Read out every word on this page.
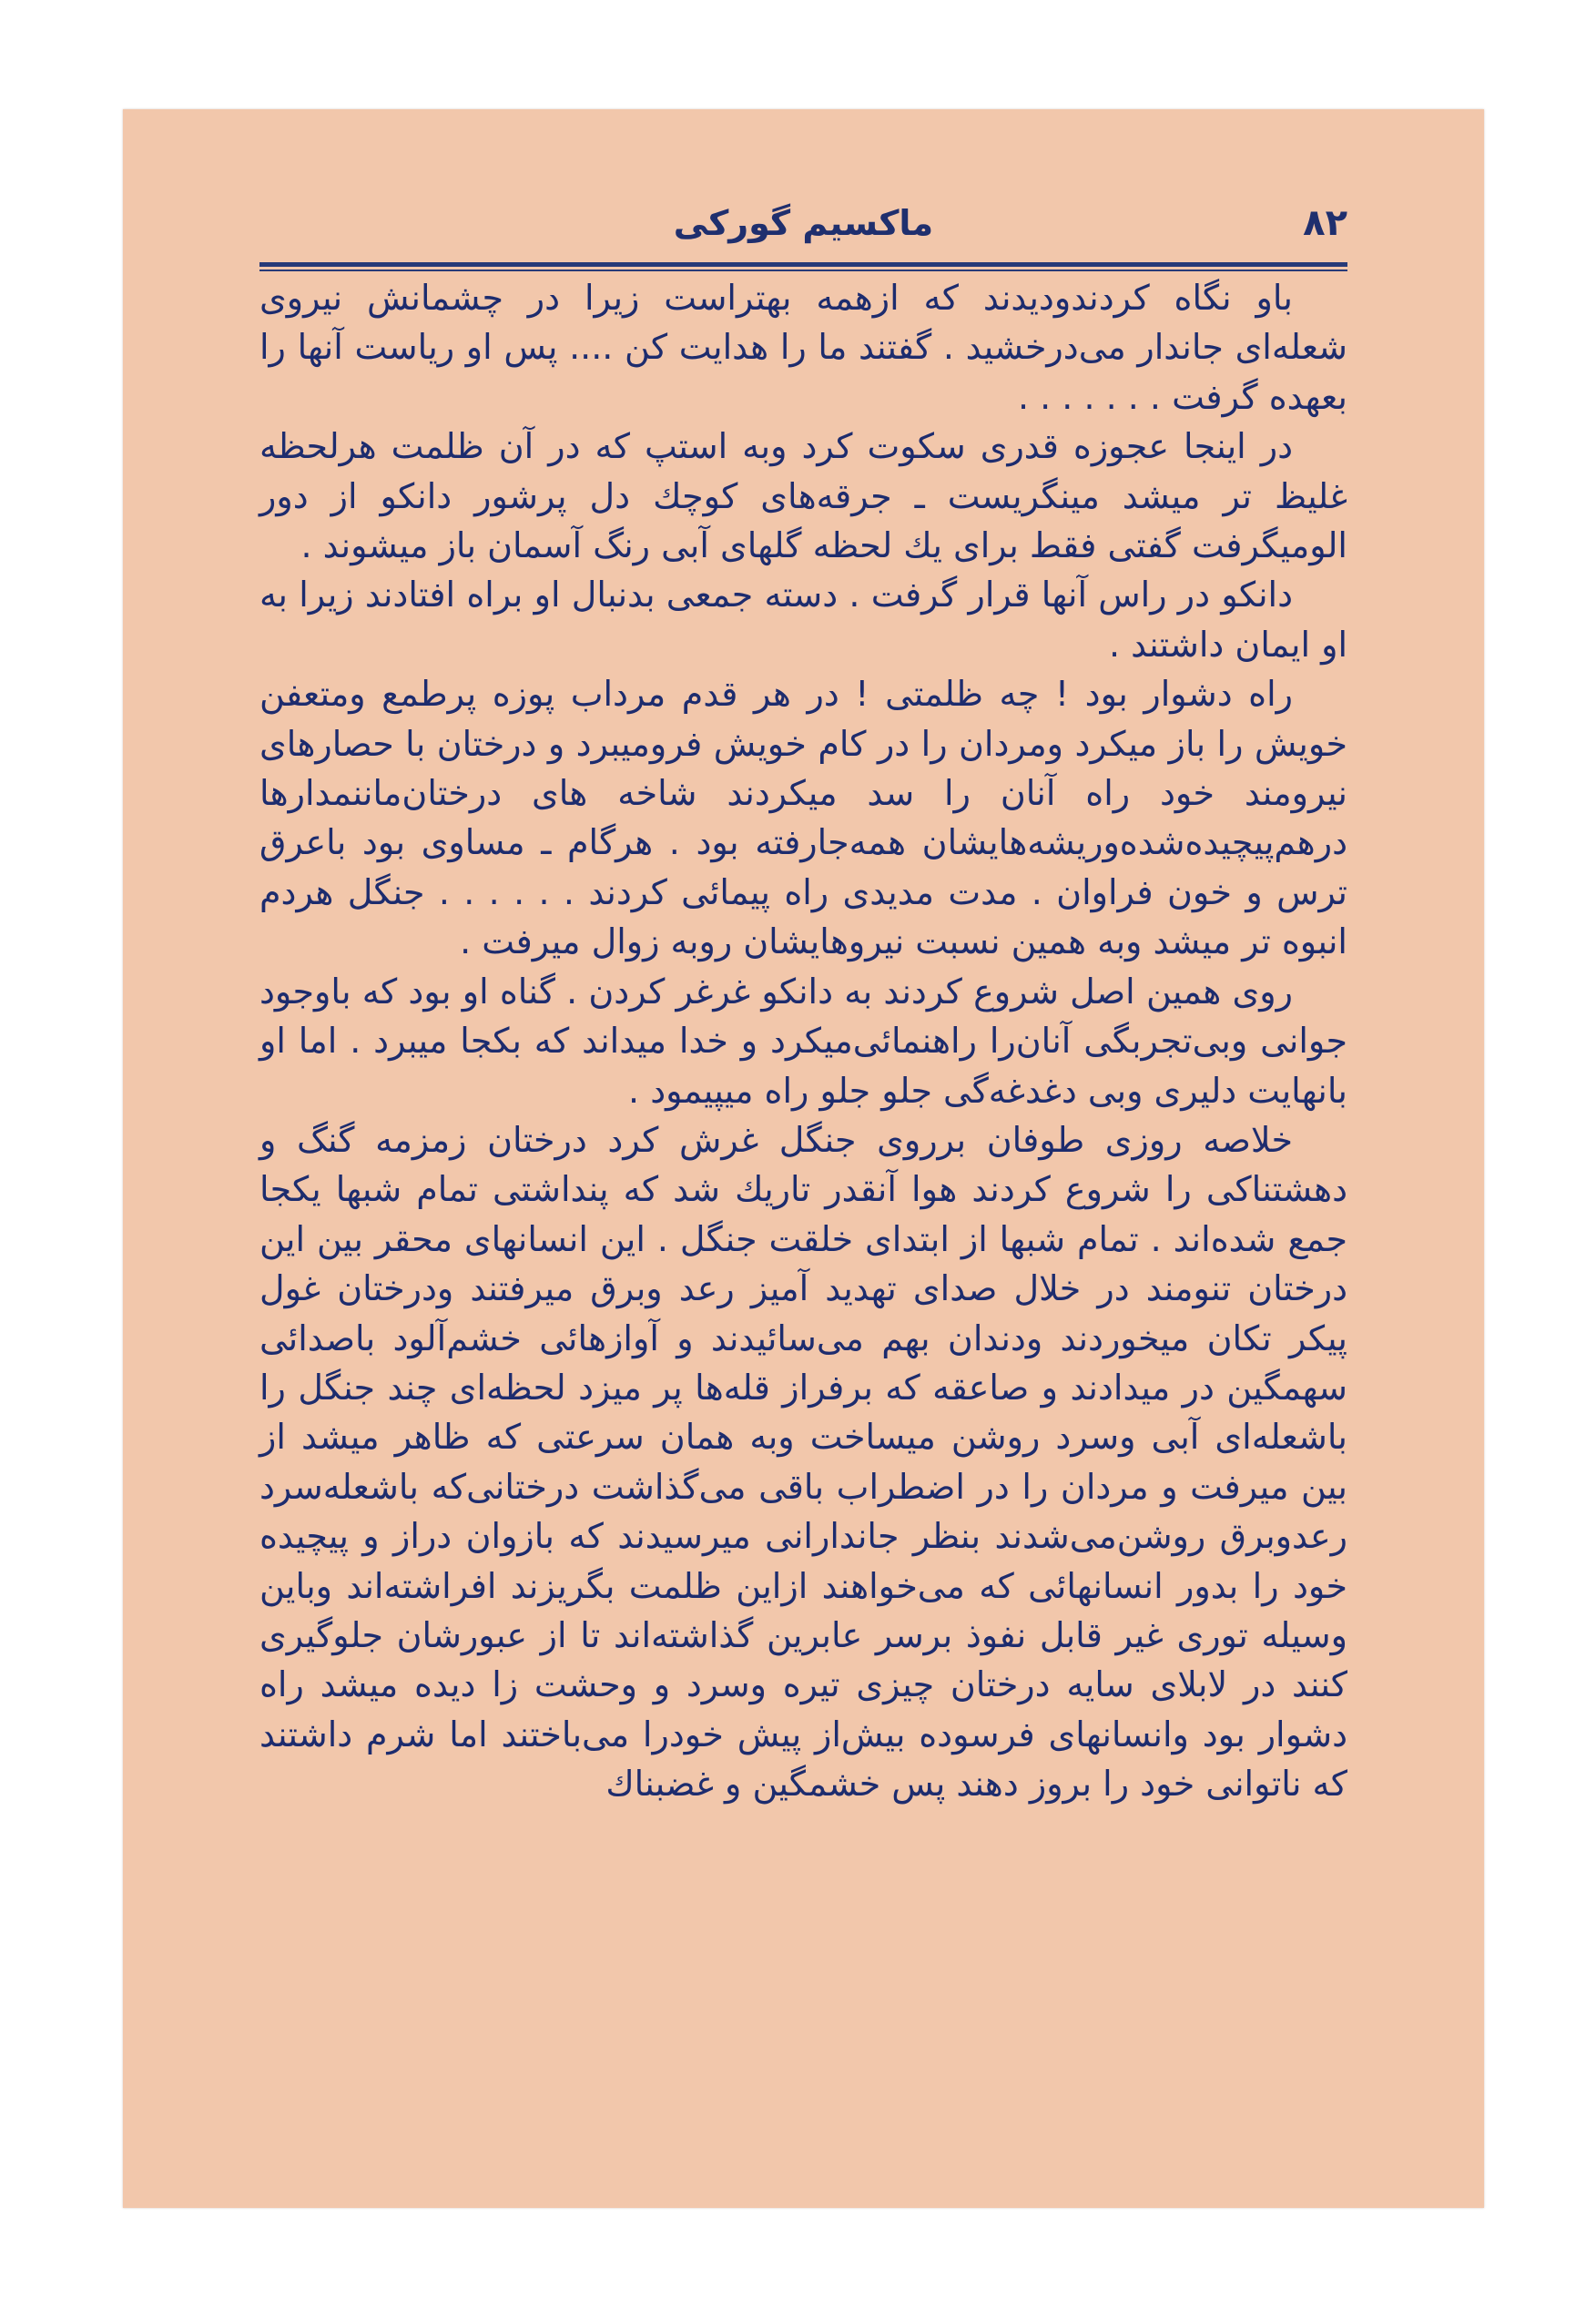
ماکسیم گورکی	۸۲

باو نگاه کردندودیدند که ازهمه بهتراست زیرا در چشمانش نیروی شعله‌ای جاندار می‌درخشید . گفتند ما را هدایت کن .... پس او ریاست آنها را بعهده گرفت . . . . . . .

در اینجا عجوزه قدری سکوت کرد وبه استپ که در آن ظلمت هرلحظه غلیظ تر میشد مینگریست ـ جرقه‌های کوچك دل پرشور دانکو از دور الومیگرفت گفتی فقط برای یك لحظه گلهای آبی رنگ آسمان باز میشوند .

دانکو در راس آنها قرار گرفت . دسته جمعی بدنبال او براه افتادند زیرا به او ایمان داشتند .

راه دشوار بود ! چه ظلمتی ! در هر قدم مرداب پوزه پرطمع ومتعفن خویش را باز میکرد ومردان را در کام خویش فرومیبرد و درختان با حصارهای نیرومند خود راه آنان را سد میکردند شاخه های درختان‌ماننمدارها درهم‌پیچیده‌شده‌وریشه‌هایشان همه‌جارفته بود . هرگام ـ مساوی بود باعرق ترس و خون فراوان . مدت مدیدی راه پیمائی کردند . . . . . . جنگل هردم انبوه تر میشد وبه همین نسبت نیروهایشان روبه زوال میرفت .

روی همین اصل شروع کردند به دانکو غرغر کردن . گناه او بود که باوجود جوانی وبی‌تجربگی آنان‌را راهنمائی‌میکرد و خدا میداند که بکجا میبرد . اما او بانهایت دلیری وبی دغدغه‌گی جلو جلو راه میپیمود .

خلاصه روزی طوفان برروی جنگل غرش کرد درختان زمزمه گنگ و دهشتناکی را شروع کردند هوا آنقدر تاریك شد که پنداشتی تمام شبها یکجا جمع شده‌اند . تمام شبها از ابتدای خلقت جنگل . این انسانهای محقر بین این درختان تنومند در خلال صدای تهدید آمیز رعد وبرق میرفتند ودرختان غول پیکر تکان میخوردند ودندان بهم می‌سائیدند و آوازهائی خشم‌آلود باصدائی سهمگین در میدادند و صاعقه که برفراز قله‌ها پر میزد لحظه‌ای چند جنگل را باشعله‌ای آبی وسرد روشن میساخت وبه همان سرعتی که ظاهر میشد از بین میرفت و مردان را در اضطراب باقی می‌گذاشت درختانی‌که باشعله‌سرد رعدوبرق روشن‌می‌شدند بنظر جاندارانی میرسیدند که بازوان دراز و پیچیده خود را بدور انسانهائی که می‌خواهند ازاین ظلمت بگریزند افراشته‌اند وباین وسیله توری غیر قابل نفوذ برسر عابرین گذاشته‌اند تا از عبورشان جلوگیری کنند در لابلای سایه درختان چیزی تیره وسرد و وحشت زا دیده میشد راه دشوار بود وانسانهای فرسوده بیش‌از پیش خودرا می‌باختند اما شرم داشتند که ناتوانی خود را بروز دهند پس خشمگین و غضبناك
